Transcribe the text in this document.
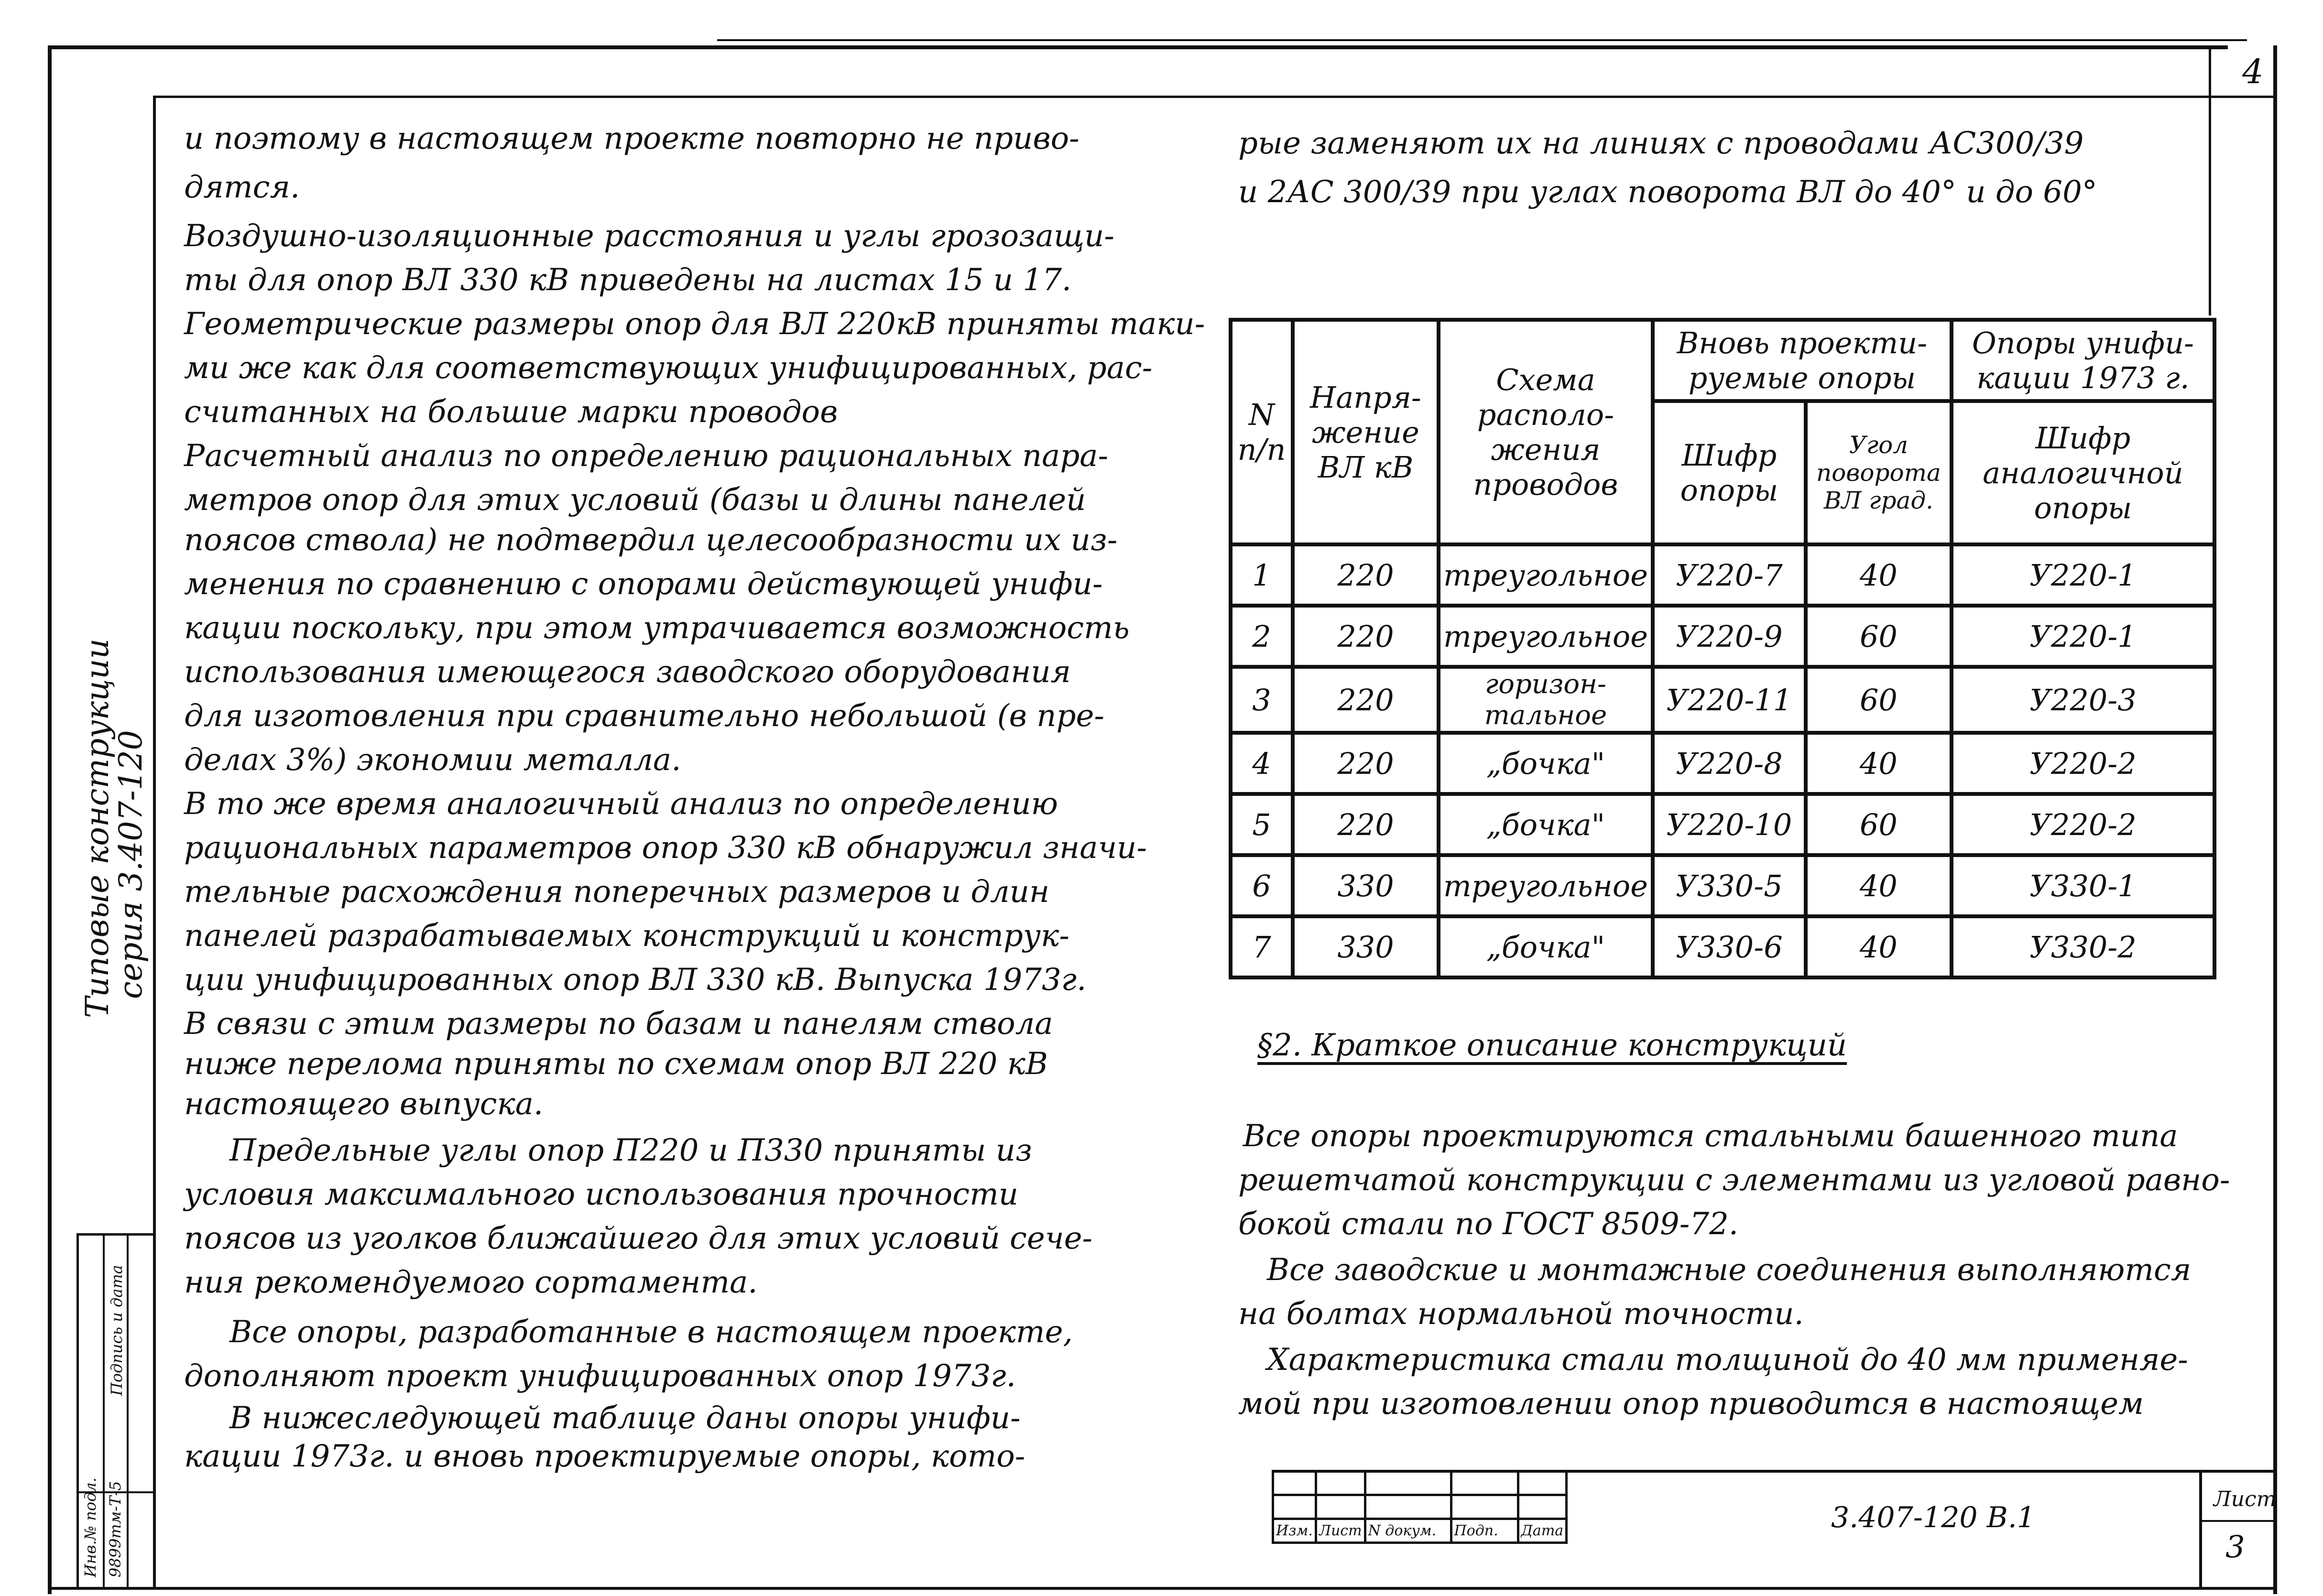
4
Типовые конструкции
серия 3.407-120
Подпись и дата
Инв.№ подл. 9899тм-Т-5
и поэтому в настоящем проекте повторно не приво-
дятся.
Воздушно-изоляционные расстояния и углы грозозащи-
ты для опор ВЛ 330 кВ приведены на листах 15 и 17.
Геометрические размеры опор для ВЛ 220кВ приняты таки-
ми же как для соответствующих унифицированных, рас-
считанных на большие марки проводов
Расчетный анализ по определению рациональных пара-
метров опор для этих условий (базы и длины панелей
поясов ствола) не подтвердил целесообразности их из-
менения по сравнению с опорами действующей унифи-
кации поскольку, при этом утрачивается возможность
использования имеющегося заводского оборудования
для изготовления при сравнительно небольшой (в пре-
делах 3%) экономии металла.
В то же время аналогичный анализ по определению
рациональных параметров опор 330 кВ обнаружил значи-
тельные расхождения поперечных размеров и длин
панелей разрабатываемых конструкций и конструк-
ции унифицированных опор ВЛ 330 кВ. Выпуска 1973г.
В связи с этим размеры по базам и панелям ствола
ниже перелома приняты по схемам опор ВЛ 220 кВ
настоящего выпуска.
Предельные углы опор П220 и П330 приняты из
условия максимального использования прочности
поясов из уголков ближайшего для этих условий сече-
ния рекомендуемого сортамента.
Все опоры, разработанные в настоящем проекте,
дополняют проект унифицированных опор 1973г.
В нижеследующей таблице даны опоры унифи-
кации 1973г. и вновь проектируемые опоры, кото-
рые заменяют их на линиях с проводами АС300/39
и 2АС 300/39 при углах поворота ВЛ до 40° и до 60°
N п/п	Напря- жение ВЛ кВ	Схема располо- жения проводов	Вновь проекти- руемые опоры		Опоры унифи- кации 1973 г.
			Шифр опоры	Угол поворота ВЛ град.	Шифр аналогичной опоры
1	220	треугольное	У220-7	40	У220-1
2	220	треугольное	У220-9	60	У220-1
3	220	горизон- тальное	У220-11	60	У220-3
4	220	„бочка"	У220-8	40	У220-2
5	220	„бочка"	У220-10	60	У220-2
6	330	треугольное	У330-5	40	У330-1
7	330	„бочка"	У330-6	40	У330-2
§2. Краткое описание конструкций
Все опоры проектируются стальными башенного типа
решетчатой конструкции с элементами из угловой равно-
бокой стали по ГОСТ 8509-72.
Все заводские и монтажные соединения выполняются
на болтах нормальной точности.
Характеристика стали толщиной до 40 мм применяе-
мой при изготовлении опор приводится в настоящем

Изм.	Лист	N докум.	Подп.	Дата	3.407-120 В.1
Лист
3
